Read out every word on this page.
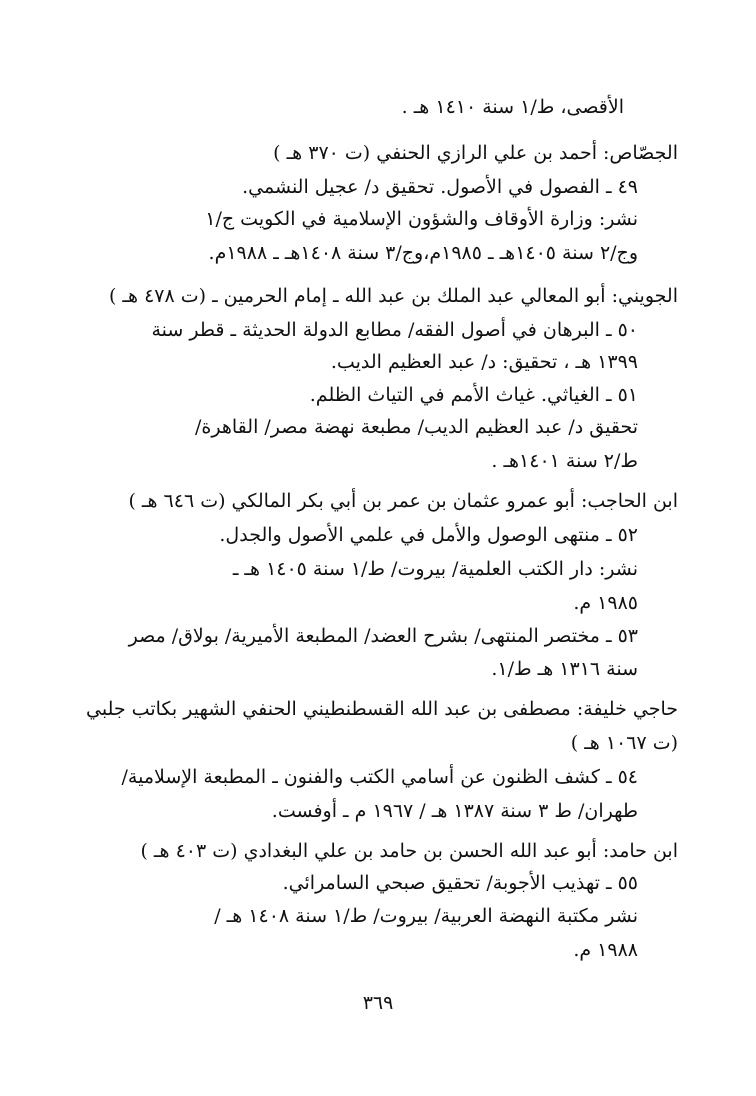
الأقصى، ط/١ سنة ١٤١٠ هـ .
الجصّاص: أحمد بن علي الرازي الحنفي (ت ٣٧٠ هـ )
٤٩ ـ الفصول في الأصول. تحقيق د/ عجيل النشمي.
نشر: وزارة الأوقاف والشؤون الإسلامية في الكويت ج/١
وج/٢ سنة ١٤٠٥هـ ـ ١٩٨٥م،وج/٣ سنة ١٤٠٨هـ ـ ١٩٨٨م.
الجويني: أبو المعالي عبد الملك بن عبد الله ـ إمام الحرمين ـ (ت ٤٧٨ هـ )
٥٠ ـ البرهان في أصول الفقه/ مطابع الدولة الحديثة ـ قطر سنة
١٣٩٩ هـ ، تحقيق: د/ عبد العظيم الديب.
٥١ ـ الغياثي. غياث الأمم في التياث الظلم.
تحقيق د/ عبد العظيم الديب/ مطبعة نهضة مصر/ القاهرة/
ط/٢ سنة ١٤٠١هـ .
ابن الحاجب: أبو عمرو عثمان بن عمر بن أبي بكر المالكي (ت ٦٤٦ هـ )
٥٢ ـ منتهى الوصول والأمل في علمي الأصول والجدل.
نشر: دار الكتب العلمية/ بيروت/ ط/١ سنة ١٤٠٥ هـ ـ
١٩٨٥ م.
٥٣ ـ مختصر المنتهى/ بشرح العضد/ المطبعة الأميرية/ بولاق/ مصر
سنة ١٣١٦ هـ ط/١.
حاجي خليفة: مصطفى بن عبد الله القسطنطيني الحنفي الشهير بكاتب جلبي
(ت ١٠٦٧ هـ )
٥٤ ـ كشف الظنون عن أسامي الكتب والفنون ـ المطبعة الإسلامية/
طهران/ ط ٣ سنة ١٣٨٧ هـ / ١٩٦٧ م ـ أوفست.
ابن حامد: أبو عبد الله الحسن بن حامد بن علي البغدادي (ت ٤٠٣ هـ )
٥٥ ـ تهذيب الأجوبة/ تحقيق صبحي السامرائي.
نشر مكتبة النهضة العربية/ بيروت/ ط/١ سنة ١٤٠٨ هـ /
١٩٨٨ م.
٣٦٩
